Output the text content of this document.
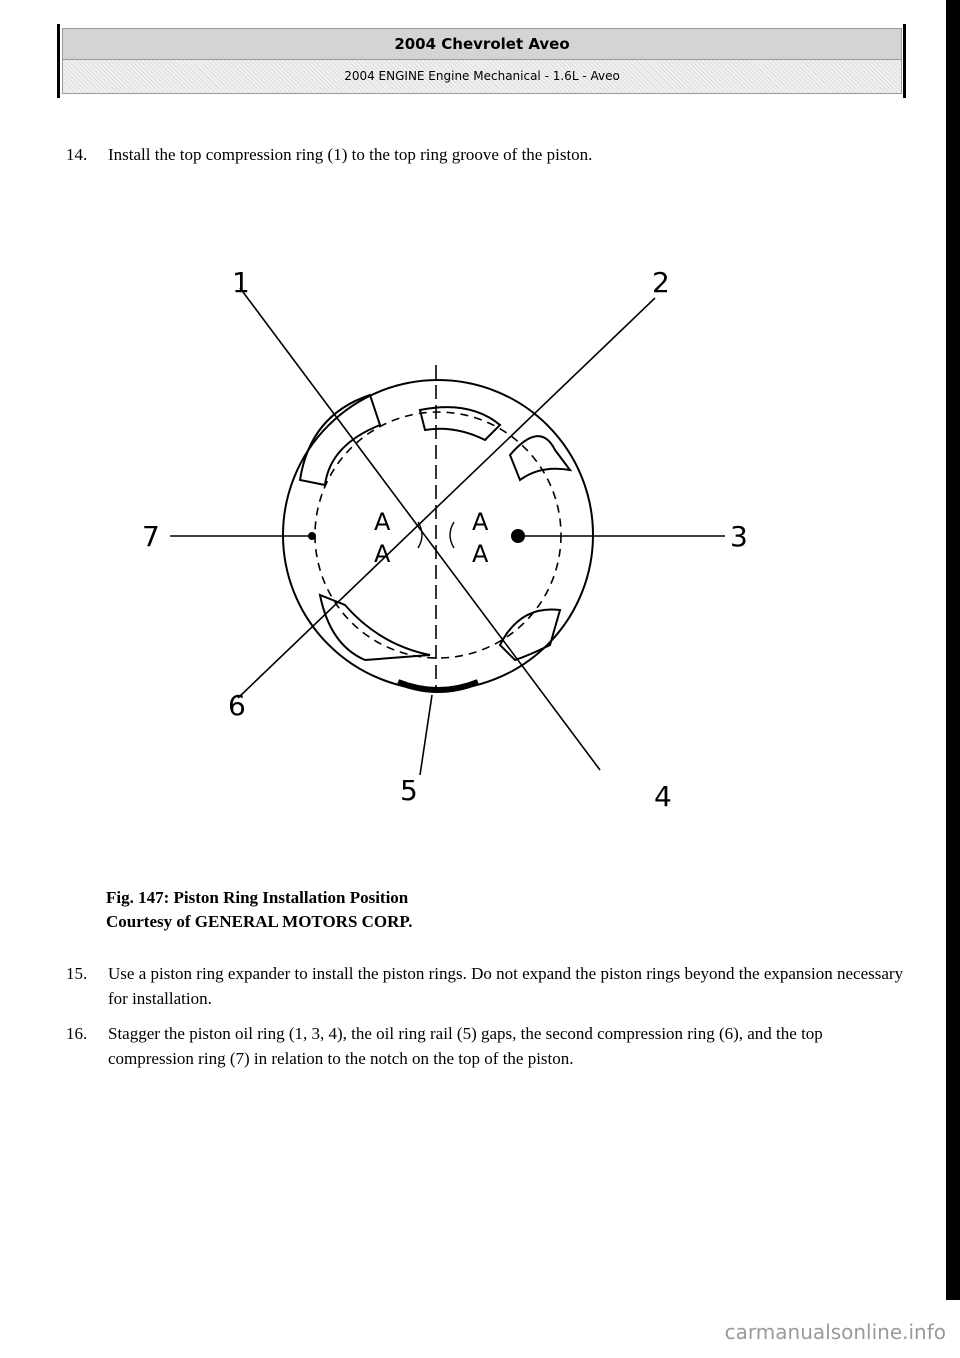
2004 Chevrolet Aveo
2004 ENGINE Engine Mechanical - 1.6L - Aveo
14.	Install the top compression ring (1) to the top ring groove of the piston.
1	2
3
4
5
6
7	A	A
A	A
Fig. 147: Piston Ring Installation Position
Courtesy of GENERAL MOTORS CORP.
15.	Use a piston ring expander to install the piston rings. Do not expand the piston rings beyond the expansion necessary for installation.
16.	Stagger the piston oil ring (1, 3, 4), the oil ring rail (5) gaps, the second compression ring (6), and the top compression ring (7) in relation to the notch on the top of the piston.
carmanualsonline.info
